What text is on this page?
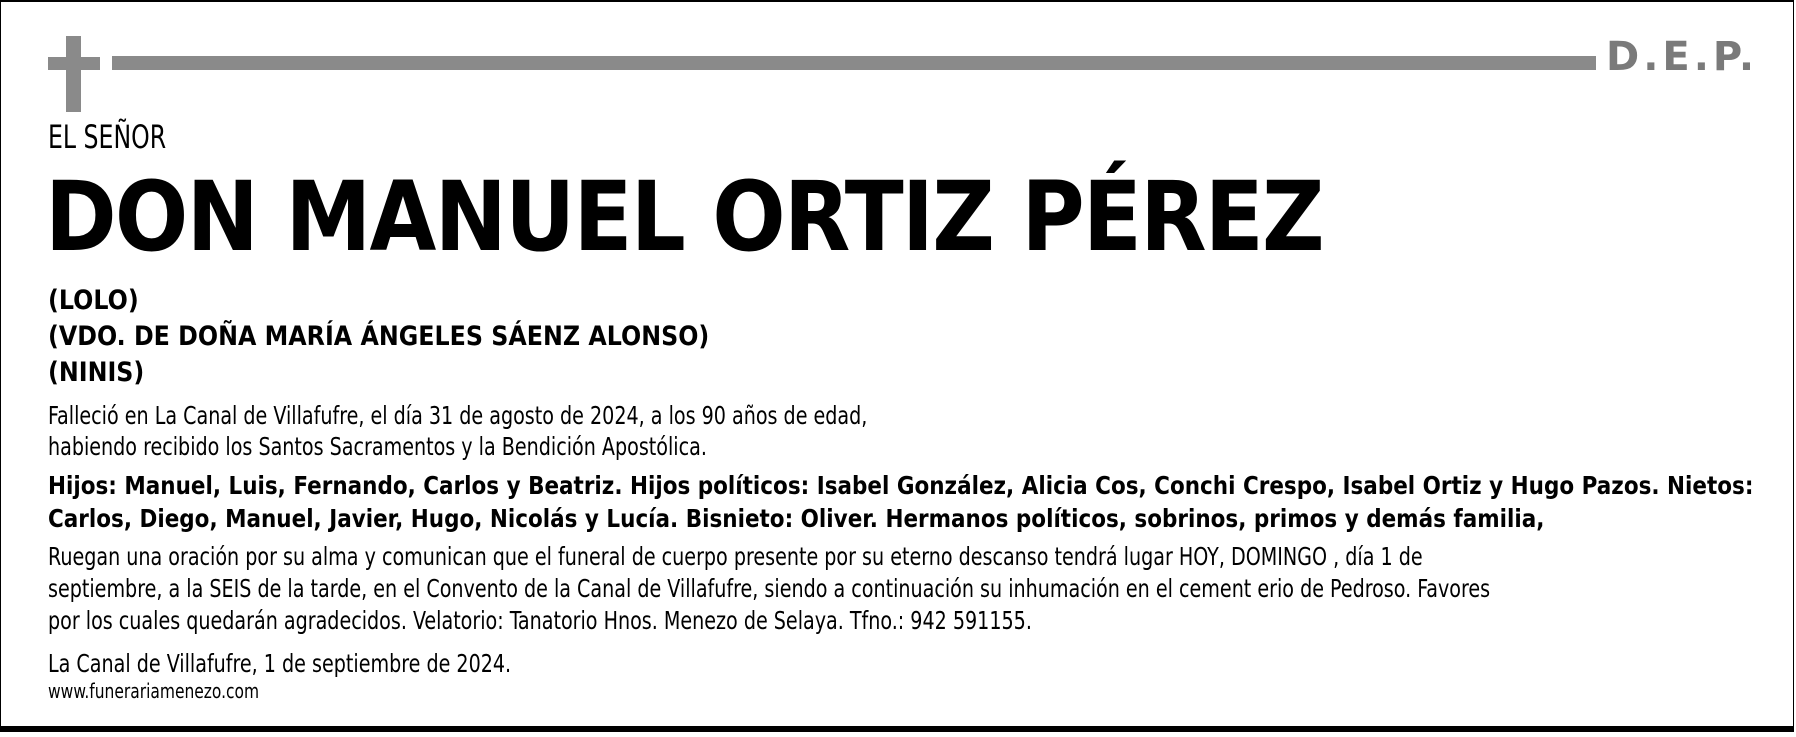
D.E.P.
EL SEÑOR
DON MANUEL ORTIZ PÉREZ
(LOLO)
(VDO. DE DOÑA MARÍA ÁNGELES SÁENZ ALONSO)
(NINIS)
Falleció en La Canal de Villafufre, el día 31 de agosto de 2024, a los 90 años de edad,
habiendo recibido los Santos Sacramentos y la Bendición Apostólica.
Hijos: Manuel, Luis, Fernando, Carlos y Beatriz. Hijos políticos: Isabel González, Alicia Cos, Conchi Crespo, Isabel Ortiz y Hugo Pazos. Nietos:
Carlos, Diego, Manuel, Javier, Hugo, Nicolás y Lucía. Bisnieto: Oliver. Hermanos políticos, sobrinos, primos y demás familia,
Ruegan una oración por su alma y comunican que el funeral de cuerpo presente por su eterno descanso tendrá lugar HOY, DOMINGO , día 1 de
septiembre, a la SEIS de la tarde, en el Convento de la Canal de Villafufre, siendo a continuación su inhumación en el cement erio de Pedroso. Favores
por los cuales quedarán agradecidos. Velatorio: Tanatorio Hnos. Menezo de Selaya. Tfno.: 942 591155.
La Canal de Villafufre, 1 de septiembre de 2024.
www.funerariamenezo.com
